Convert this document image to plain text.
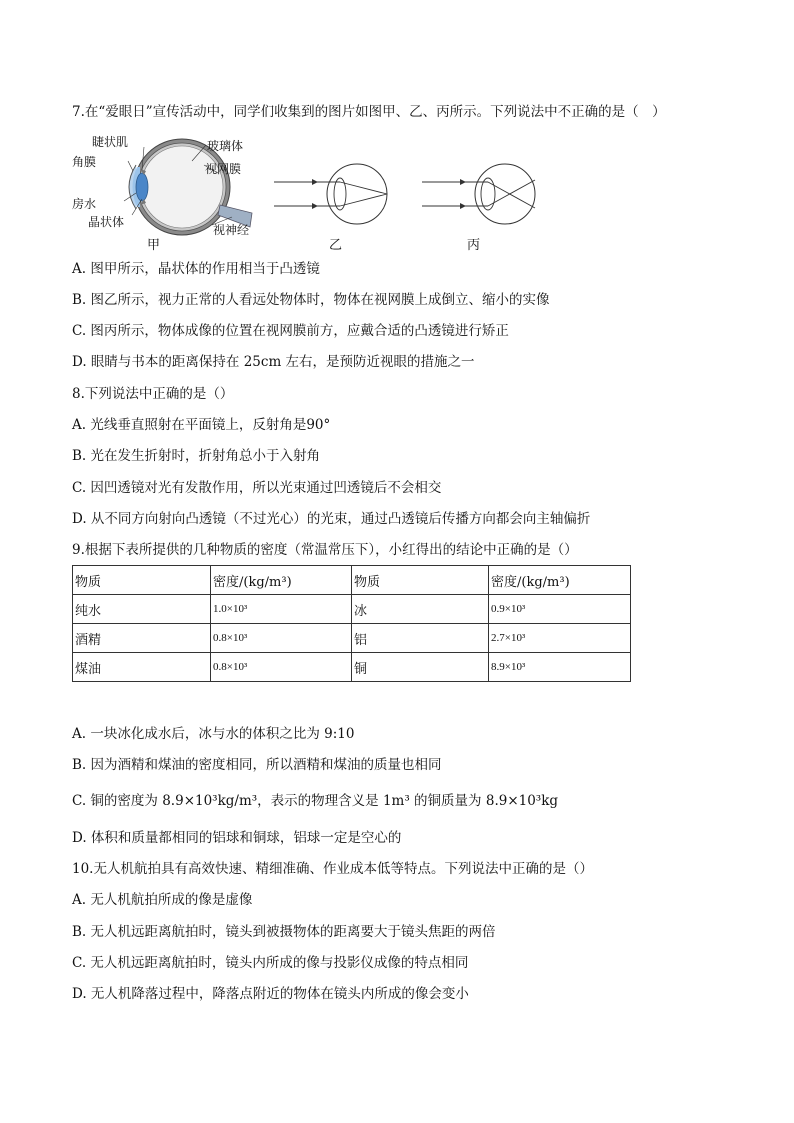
7.在“爱眼日”宣传活动中，同学们收集到的图片如图甲、乙、丙所示。下列说法中不正确的是（　）
睫状肌
角膜
房水
晶状体
玻璃体
视网膜
视神经
甲	乙	丙
A. 图甲所示，晶状体的作用相当于凸透镜
B. 图乙所示，视力正常的人看远处物体时，物体在视网膜上成倒立、缩小的实像
C. 图丙所示，物体成像的位置在视网膜前方，应戴合适的凸透镜进行矫正
D. 眼睛与书本的距离保持在 25cm 左右，是预防近视眼的措施之一
8.下列说法中正确的是（）
A. 光线垂直照射在平面镜上，反射角是90°
B. 光在发生折射时，折射角总小于入射角
C. 因凹透镜对光有发散作用，所以光束通过凹透镜后不会相交
D. 从不同方向射向凸透镜（不过光心）的光束，通过凸透镜后传播方向都会向主轴偏折
9.根据下表所提供的几种物质的密度（常温常压下），小红得出的结论中正确的是（）
物质	密度/(kg/m³)	物质	密度/(kg/m³)
纯水	1.0×10³	冰	0.9×10³
酒精	0.8×10³	铝	2.7×10³
煤油	0.8×10³	铜	8.9×10³
A. 一块冰化成水后，冰与水的体积之比为 9:10
B. 因为酒精和煤油的密度相同，所以酒精和煤油的质量也相同
C. 铜的密度为 8.9×10³kg/m³，表示的物理含义是 1m³ 的铜质量为 8.9×10³kg
D. 体积和质量都相同的铝球和铜球，铝球一定是空心的
10.无人机航拍具有高效快速、精细准确、作业成本低等特点。下列说法中正确的是（）
A. 无人机航拍所成的像是虚像
B. 无人机远距离航拍时，镜头到被摄物体的距离要大于镜头焦距的两倍
C. 无人机远距离航拍时，镜头内所成的像与投影仪成像的特点相同
D. 无人机降落过程中，降落点附近的物体在镜头内所成的像会变小
